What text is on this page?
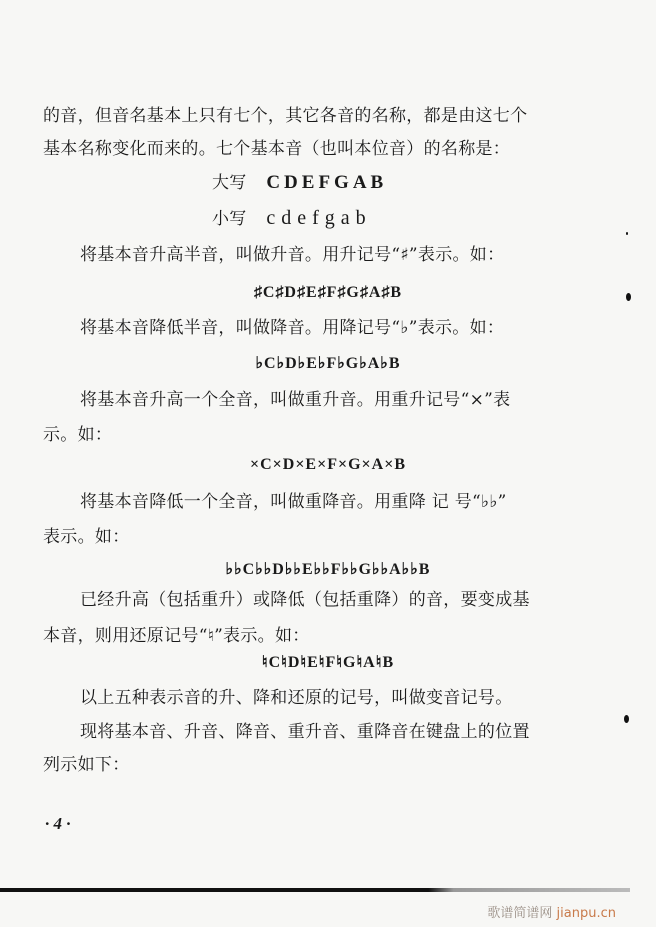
的音，但音名基本上只有七个，其它各音的名称，都是由这七个
基本名称变化而来的。七个基本音（也叫本位音）的名称是：
大写 CDEFGAB
小写 cdefgab
将基本音升高半音，叫做升音。用升记号“♯”表示。如：
♯C♯D♯E♯F♯G♯A♯B
将基本音降低半音，叫做降音。用降记号“♭”表示。如：
♭C♭D♭E♭F♭G♭A♭B
将基本音升高一个全音，叫做重升音。用重升记号“×”表
示。如：
×C×D×E×F×G×A×B
将基本音降低一个全音，叫做重降音。用重降 记 号“♭♭”
表示。如：
♭♭C♭♭D♭♭E♭♭F♭♭G♭♭A♭♭B
已经升高（包括重升）或降低（包括重降）的音，要变成基
本音，则用还原记号“♮”表示。如：
♮C♮D♮E♮F♮G♮A♮B
以上五种表示音的升、降和还原的记号，叫做变音记号。
现将基本音、升音、降音、重升音、重降音在键盘上的位置
列示如下：
· 4 ·
歌谱简谱网 jianpu.cn
